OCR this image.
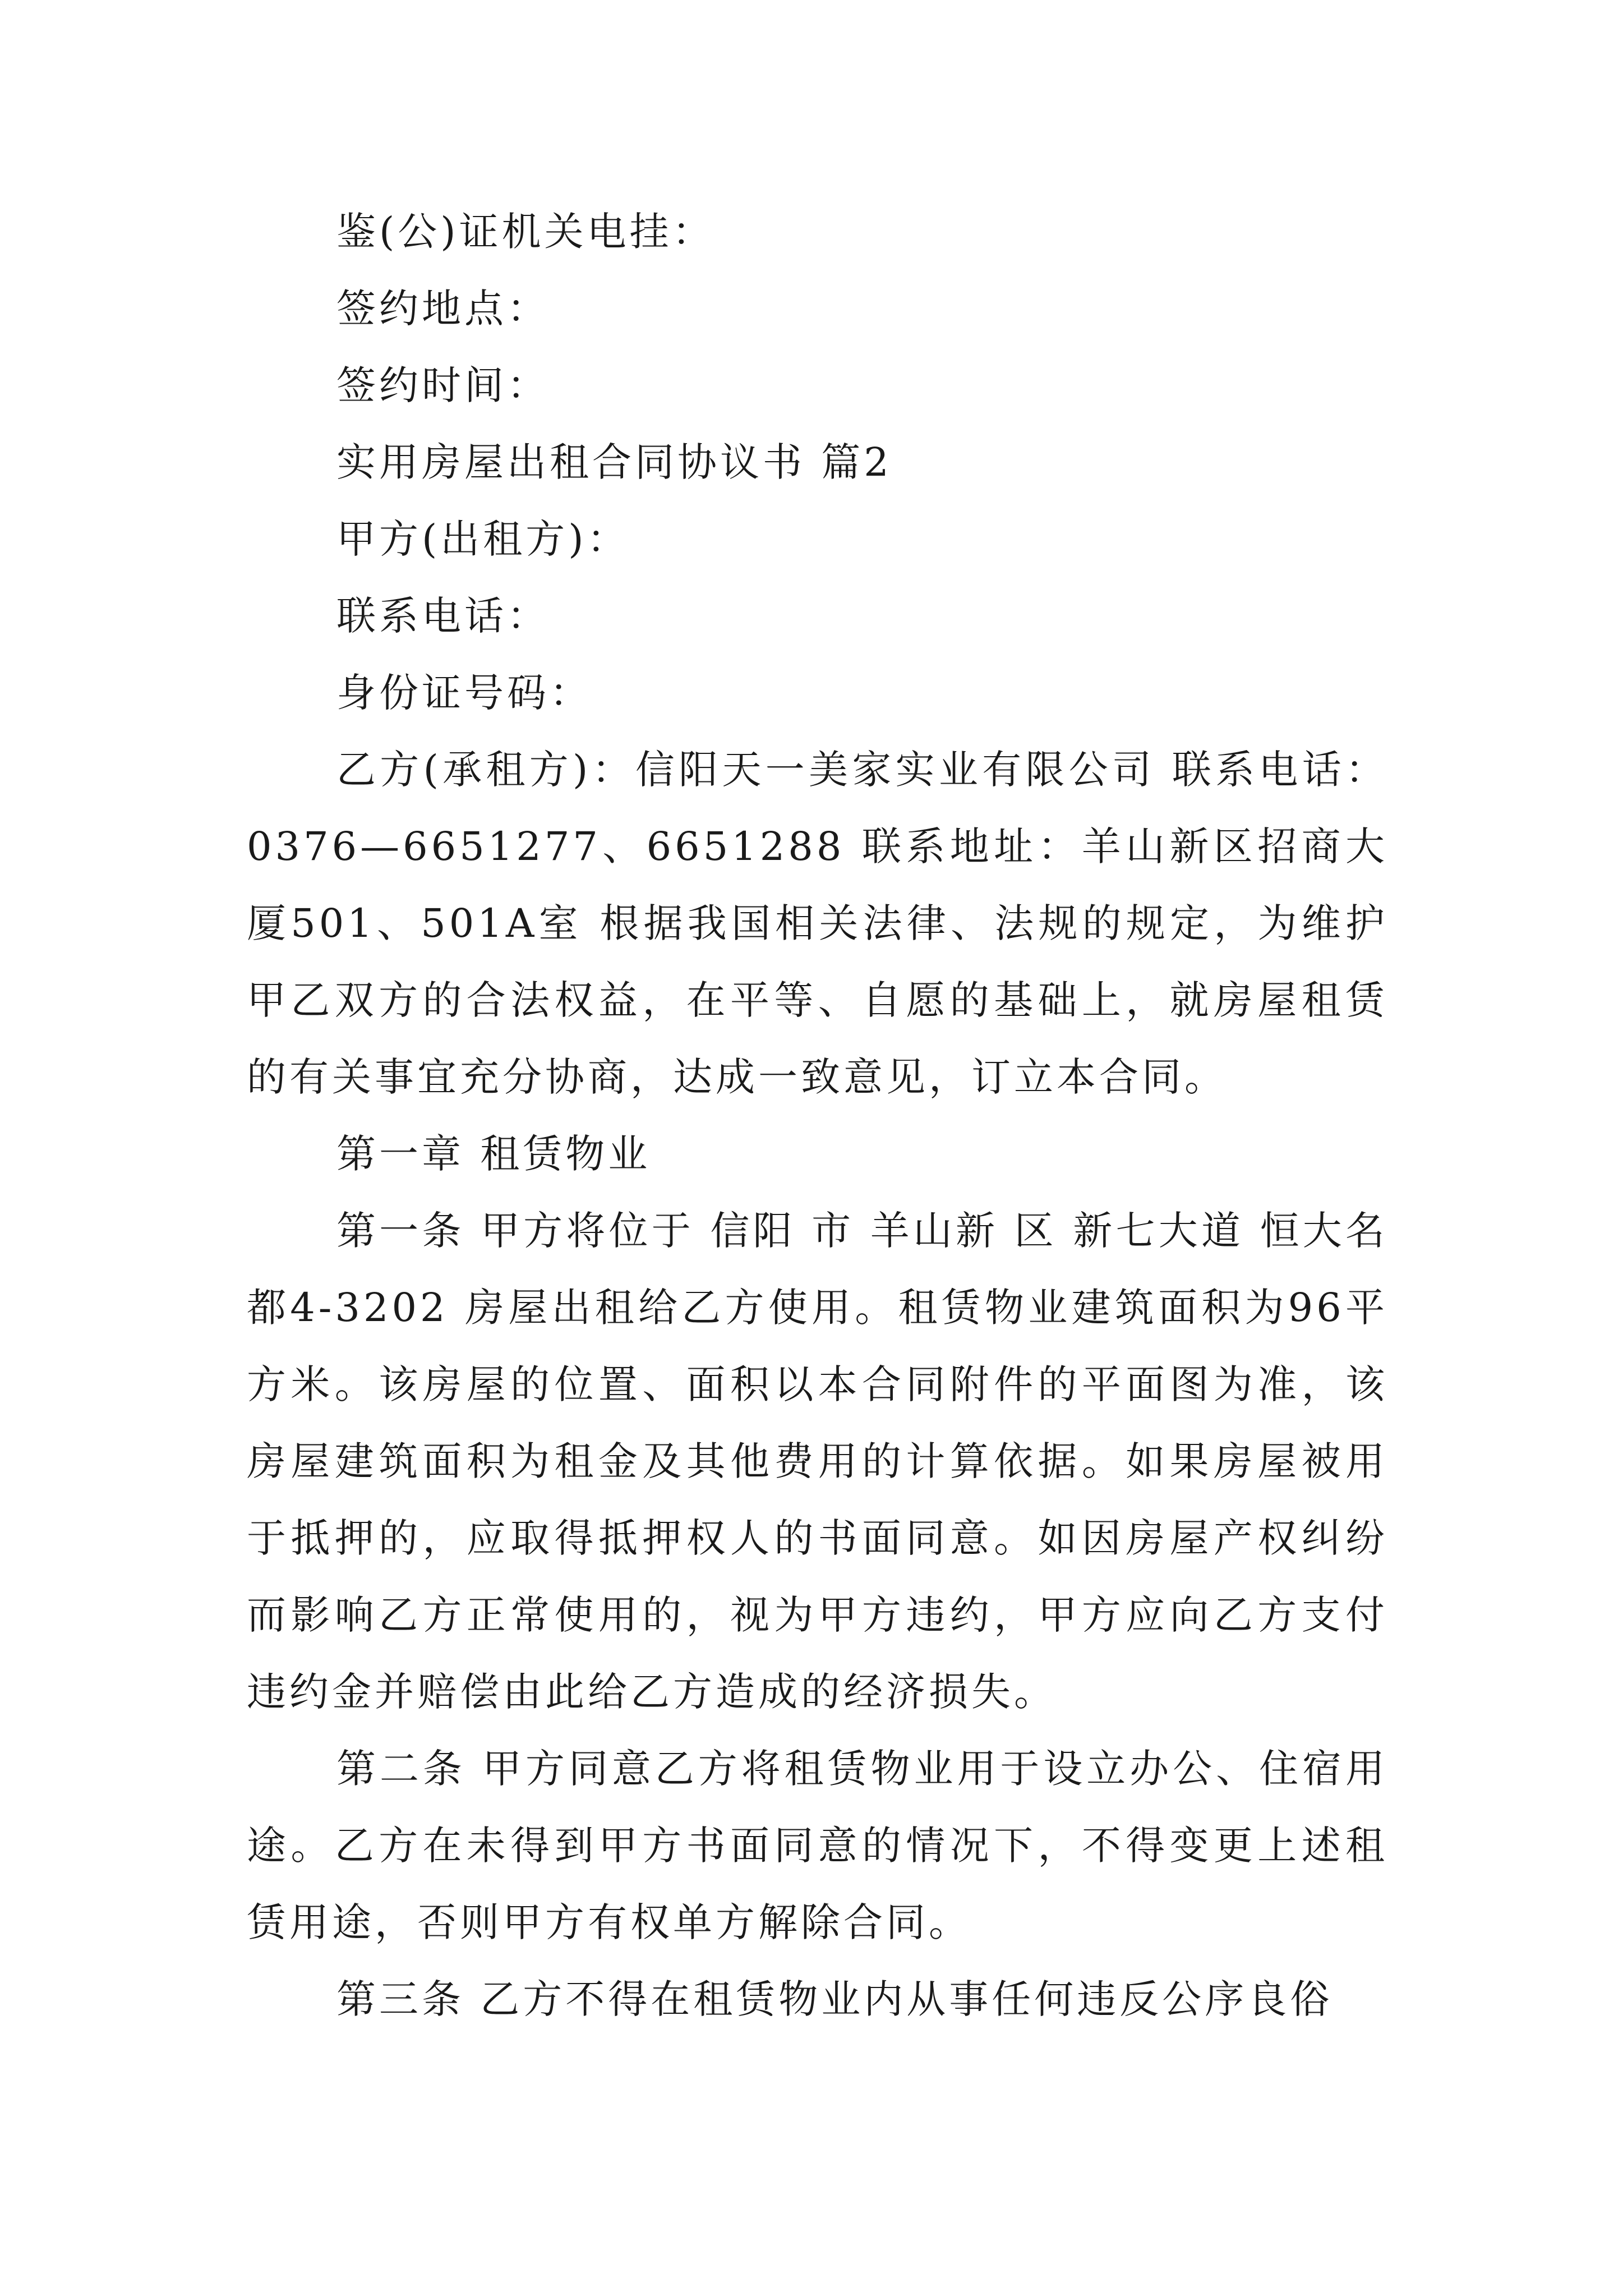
鉴(公)证机关电挂：
签约地点：
签约时间：
实用房屋出租合同协议书 篇2
甲方(出租方)：
联系电话：
身份证号码：

乙方(承租方)：信阳天一美家实业有限公司 联系电话：0376—6651277、6651288 联系地址：羊山新区招商大厦501、501A室 根据我国相关法律、法规的规定，为维护甲乙双方的合法权益，在平等、自愿的基础上，就房屋租赁的有关事宜充分协商，达成一致意见，订立本合同。

第一章 租赁物业

第一条 甲方将位于 信阳 市 羊山新 区 新七大道 恒大名都4-3202 房屋出租给乙方使用。租赁物业建筑面积为96平方米。该房屋的位置、面积以本合同附件的平面图为准，该房屋建筑面积为租金及其他费用的计算依据。如果房屋被用于抵押的，应取得抵押权人的书面同意。如因房屋产权纠纷而影响乙方正常使用的，视为甲方违约，甲方应向乙方支付违约金并赔偿由此给乙方造成的经济损失。

第二条 甲方同意乙方将租赁物业用于设立办公、住宿用途。乙方在未得到甲方书面同意的情况下，不得变更上述租赁用途，否则甲方有权单方解除合同。

第三条 乙方不得在租赁物业内从事任何违反公序良俗
